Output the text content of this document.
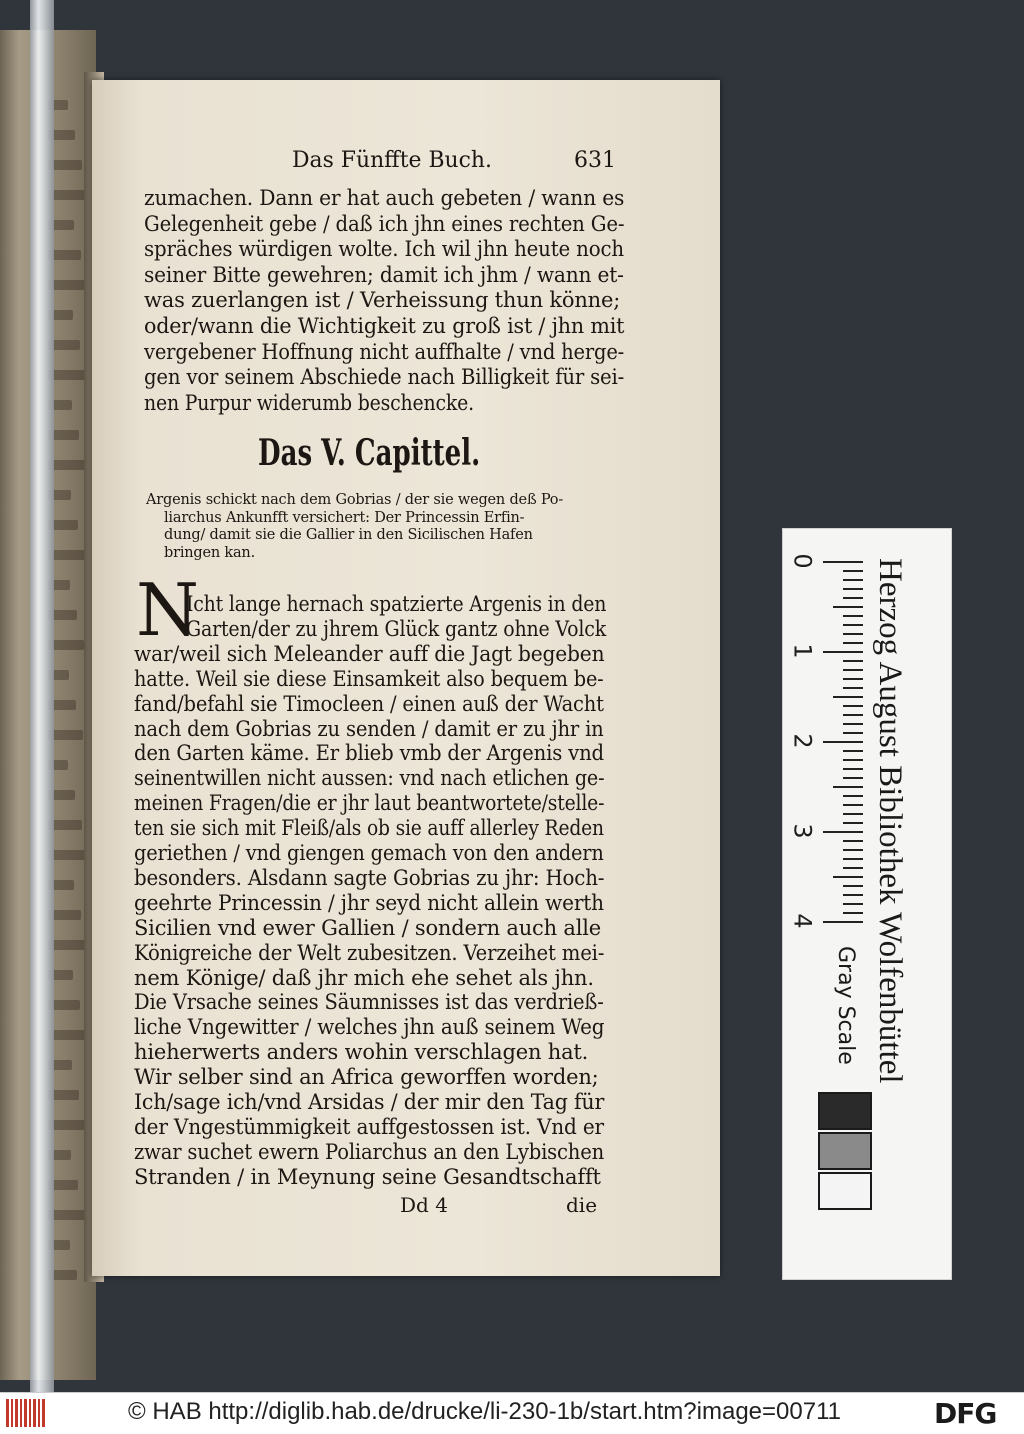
Das Fünffte Buch.	631
zumachen. Dann er hat auch gebeten / wann es
Gelegenheit gebe / daß ich jhn eines rechten Ge-
spräches würdigen wolte. Ich wil jhn heute noch
seiner Bitte gewehren; damit ich jhm / wann et-
was zuerlangen ist / Verheissung thun könne;
oder/wann die Wichtigkeit zu groß ist / jhn mit
vergebener Hoffnung nicht auffhalte / vnd herge-
gen vor seinem Abschiede nach Billigkeit für sei-
nen Purpur widerumb beschencke.
Das V. Capittel.
Argenis schickt nach dem Gobrias / der sie wegen deß Po-
liarchus Ankunfft versichert: Der Princessin Erfin-
dung/ damit sie die Gallier in den Sicilischen Hafen
bringen kan.
N
Icht lange hernach spatzierte Argenis in den
Garten/der zu jhrem Glück gantz ohne Volck
war/weil sich Meleander auff die Jagt begeben
hatte. Weil sie diese Einsamkeit also bequem be-
fand/befahl sie Timocleen / einen auß der Wacht
nach dem Gobrias zu senden / damit er zu jhr in
den Garten käme. Er blieb vmb der Argenis vnd
seinentwillen nicht aussen: vnd nach etlichen ge-
meinen Fragen/die er jhr laut beantwortete/stelle-
ten sie sich mit Fleiß/als ob sie auff allerley Reden
geriethen / vnd giengen gemach von den andern
besonders. Alsdann sagte Gobrias zu jhr: Hoch-
geehrte Princessin / jhr seyd nicht allein werth
Sicilien vnd ewer Gallien / sondern auch alle
Königreiche der Welt zubesitzen. Verzeihet mei-
nem Könige/ daß jhr mich ehe sehet als jhn.
Die Vrsache seines Säumnisses ist das verdrieß-
liche Vngewitter / welches jhn auß seinem Weg
hieherwerts anders wohin verschlagen hat.
Wir selber sind an Africa geworffen worden;
Ich/sage ich/vnd Arsidas / der mir den Tag für
der Vngestümmigkeit auffgestossen ist. Vnd er
zwar suchet ewern Poliarchus an den Lybischen
Stranden / in Meynung seine Gesandtschafft
Dd 4	die
0
1
2
3
4 Herzog August Bibliothek Wolfenbüttel
Gray Scale
© HAB http://diglib.hab.de/drucke/li-230-1b/start.htm?image=00711	DFG
